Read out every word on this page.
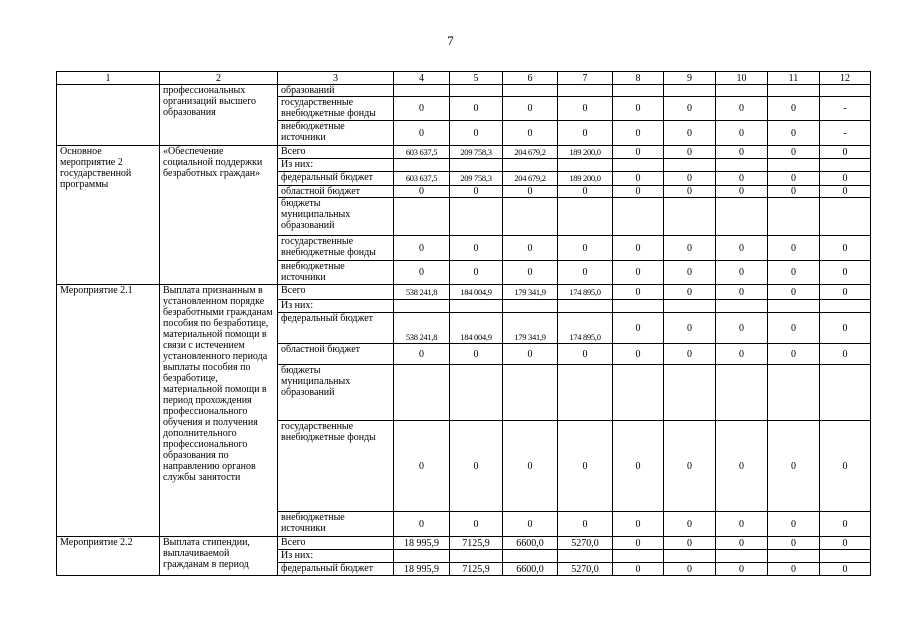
7
1	2	3	4	5	6	7	8	9	10	11	12
	профессиональных организаций высшего образования	образований									
		государственные внебюджетные фонды	0	0	0	0	0	0	0	0	-
		внебюджетные источники	0	0	0	0	0	0	0	0	-
Основное мероприятие 2 государственной программы	«Обеспечение социальной поддержки безработных граждан»	Всего	603 637,5	209 758,3	204 679,2	189 200,0	0	0	0	0	0
		Из них:									
		федеральный бюджет	603 637,5	209 758,3	204 679,2	189 200,0	0	0	0	0	0
		областной бюджет	0	0	0	0	0	0	0	0	0
		бюджеты муниципальных образований									
		государственные внебюджетные фонды	0	0	0	0	0	0	0	0	0
		внебюджетные источники	0	0	0	0	0	0	0	0	0
Мероприятие 2.1	Выплата признанным в установленном порядке безработными гражданам пособия по безработице, материальной помощи в связи с истечением установленного периода выплаты пособия по безработице, материальной помощи в период прохождения профессионального обучения и получения дополнительного профессионального образования по направлению органов службы занятости	Всего	538 241,8	184 004,9	179 341,9	174 895,0	0	0	0	0	0
		Из них:									
		федеральный бюджет	538 241,8	184 004,9	179 341,9	174 895,0	0	0	0	0	0
		областной бюджет	0	0	0	0	0	0	0	0	0
		бюджеты муниципальных образований									
		государственные внебюджетные фонды	0	0	0	0	0	0	0	0	0
		внебюджетные источники	0	0	0	0	0	0	0	0	0
Мероприятие 2.2	Выплата стипендии, выплачиваемой гражданам в период	Всего	18 995,9	7125,9	6600,0	5270,0	0	0	0	0	0
		Из них:									
		федеральный бюджет	18 995,9	7125,9	6600,0	5270,0	0	0	0	0	0
